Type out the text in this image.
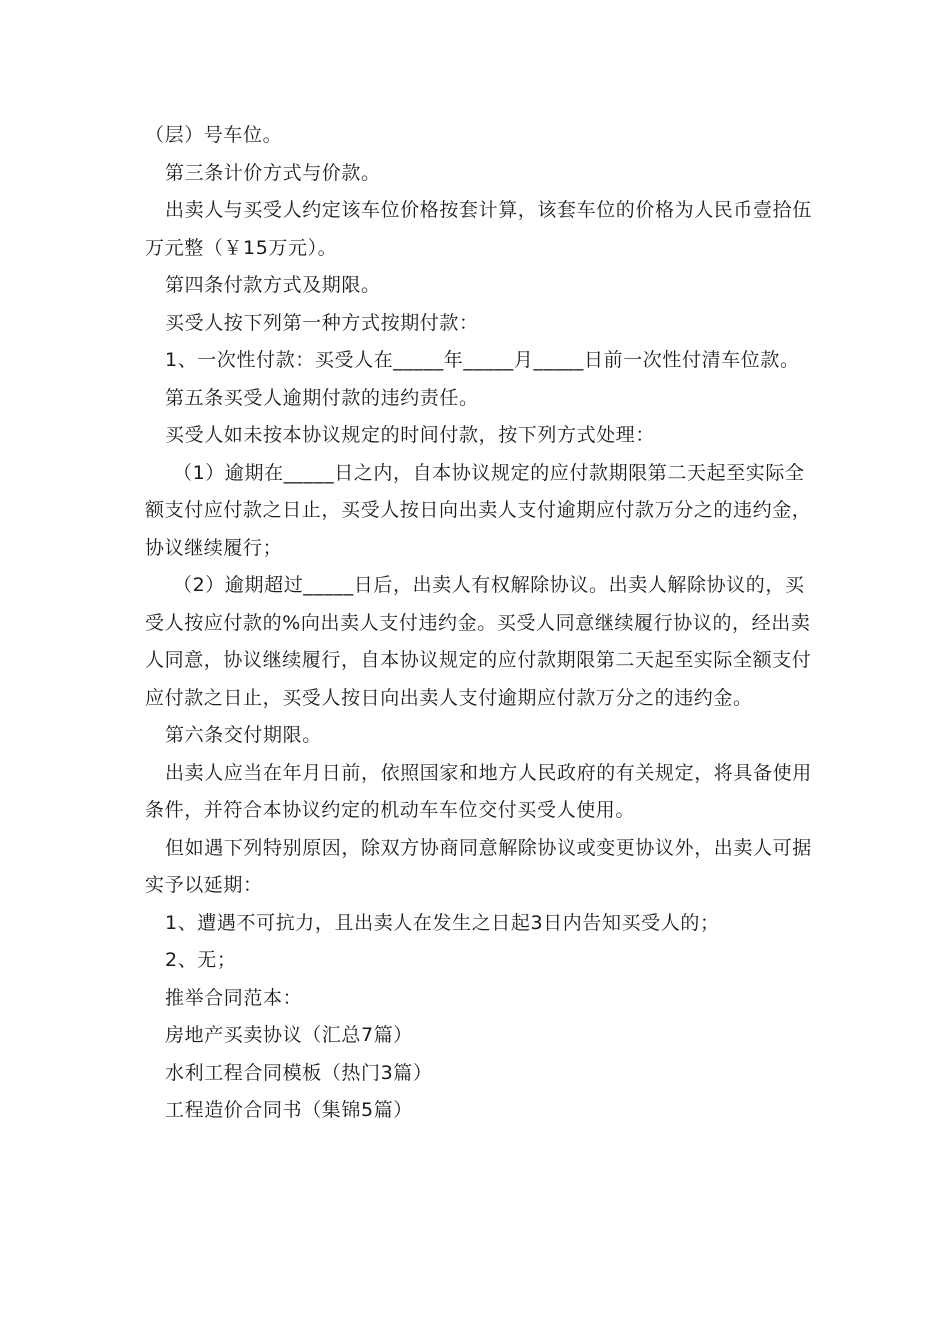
（层）号车位。

第三条计价方式与价款。

出卖人与买受人约定该车位价格按套计算，该套车位的价格为人民币壹拾伍万元整（￥15万元）。

第四条付款方式及期限。

买受人按下列第一种方式按期付款：

1、一次性付款：买受人在_____年_____月_____日前一次性付清车位款。

第五条买受人逾期付款的违约责任。

买受人如未按本协议规定的时间付款，按下列方式处理：

（1）逾期在_____日之内，自本协议规定的应付款期限第二天起至实际全额支付应付款之日止，买受人按日向出卖人支付逾期应付款万分之的违约金，协议继续履行；

（2）逾期超过_____日后，出卖人有权解除协议。出卖人解除协议的，买受人按应付款的%向出卖人支付违约金。买受人同意继续履行协议的，经出卖人同意，协议继续履行，自本协议规定的应付款期限第二天起至实际全额支付应付款之日止，买受人按日向出卖人支付逾期应付款万分之的违约金。

第六条交付期限。

出卖人应当在年月日前，依照国家和地方人民政府的有关规定，将具备使用条件，并符合本协议约定的机动车车位交付买受人使用。

但如遇下列特别原因，除双方协商同意解除协议或变更协议外，出卖人可据实予以延期：

1、遭遇不可抗力，且出卖人在发生之日起3日内告知买受人的；

2、无；

推举合同范本：

房地产买卖协议（汇总7篇）

水利工程合同模板（热门3篇）

工程造价合同书（集锦5篇）
